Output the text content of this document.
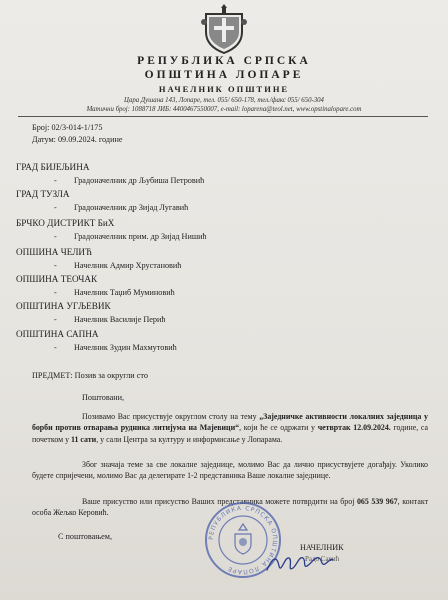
РЕПУБЛИКА СРПСКА
ОПШТИНА ЛОПАРЕ
НАЧЕЛНИК ОПШТИНЕ
Цара Душана 143, Лопаре, тел. 055/ 650-178, тел./факс 055/ 650-304
Матични број: 1088718 ЈИБ: 4400467550007, e-mail: loparena@teol.net, www.opstinalopare.com
Број: 02/3-014-1/175
Датум: 09.09.2024. године
ГРАД БИЈЕЉИНА
- Градоначелник др Љубиша Петровић
ГРАД ТУЗЛА
- Градоначелник др Зијад Лугавић
БРЧКО ДИСТРИКТ БиХ
- Градоначелник прим. др Зијад Нишић
ОПШИНА ЧЕЛИЋ
- Начелник Адмир Хрустановић
ОПШИНА ТЕОЧАК
- Начелник Таџиб Муминовић
ОПШТИНА УГЉЕВИК
- Начелник Василије Перић
ОПШТИНА САПНА
- Начелник Зудин Махмутовић
ПРЕДМЕТ: Позив за округли сто
Поштовани,
Позивамо Вас присуствује округлом столу на тему „Заједничке активности локалних заједница у борби против отварања рудника литијума на Мајевици“, који ће се одржати у четвртак 12.09.2024. године, са почетком у 11 сати, у сали Центра за културу и информисање у Лопарама.
Због значаја теме за све локалне заједнице, молимо Вас да лично присуствујете догађају. Уколико будете спријечени, молимо Вас да делегирате 1-2 представника Ваше локалне заједнице.
Ваше присуство или присуство Ваших представника можете потврдити на број 065 539 967, контакт особа Жељко Керовић.
С поштовањем,	РЕПУБЛИКА СРПСКА ОПШТИНА ЛОПАРЕ
НАЧЕЛНИК
Радо Савић
